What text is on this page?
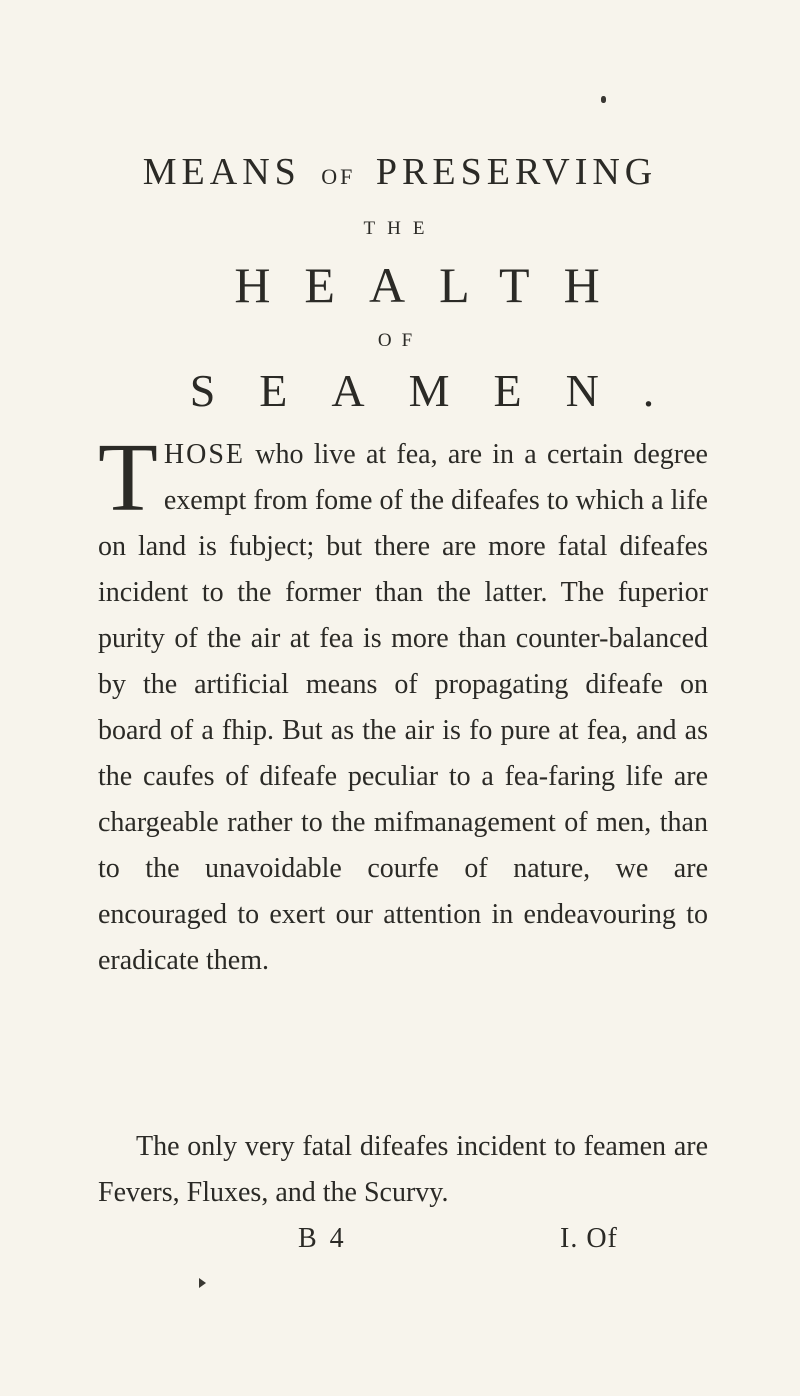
MEANS OF PRESERVING
THE
HEALTH
OF
SEAMEN.

THOSE who live at fea, are in a certain degree exempt from fome of the difeafes to which a life on land is fubject; but there are more fatal difeafes incident to the former than the latter. The fuperior purity of the air at fea is more than counter-balanced by the artificial means of propagating difeafe on board of a fhip. But as the air is fo pure at fea, and as the caufes of difeafe peculiar to a fea-faring life are chargeable rather to the mifmanagement of men, than to the unavoidable courfe of nature, we are encouraged to exert our attention in endeavouring to eradicate them.

The only very fatal difeafes incident to feamen are Fevers, Fluxes, and the Scurvy.

B 4	I. Of
